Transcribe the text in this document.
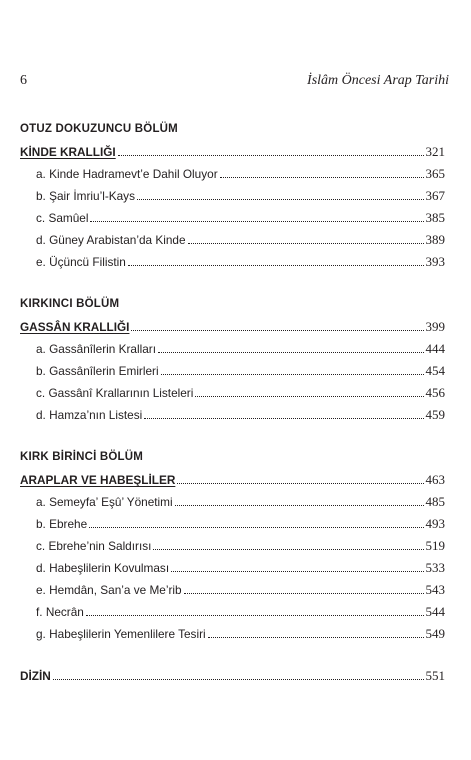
6	İslâm Öncesi Arap Tarihi
OTUZ DOKUZUNCU BÖLÜM
KİNDE KRALLIĞI	321
a. Kinde Hadramevt’e Dahil Oluyor	365
b. Şair İmriu’l-Kays	367
c. Samûel	385
d. Güney Arabistan’da Kinde	389
e. Üçüncü Filistin	393
KIRKINCI BÖLÜM
GASSÂN KRALLIĞI	399
a. Gassânîlerin Kralları	444
b. Gassânîlerin Emirleri	454
c. Gassânî Krallarının Listeleri	456
d. Hamza’nın Listesi	459
KIRK BİRİNCİ BÖLÜM
ARAPLAR VE HABEŞLİLER	463
a. Semeyfa’ Eşû’ Yönetimi	485
b. Ebrehe	493
c. Ebrehe’nin Saldırısı	519
d. Habeşlilerin Kovulması	533
e. Hemdân, San’a ve Me’rib	543
f. Necrân	544
g. Habeşlilerin Yemenlilere Tesiri	549
DİZİN	551
